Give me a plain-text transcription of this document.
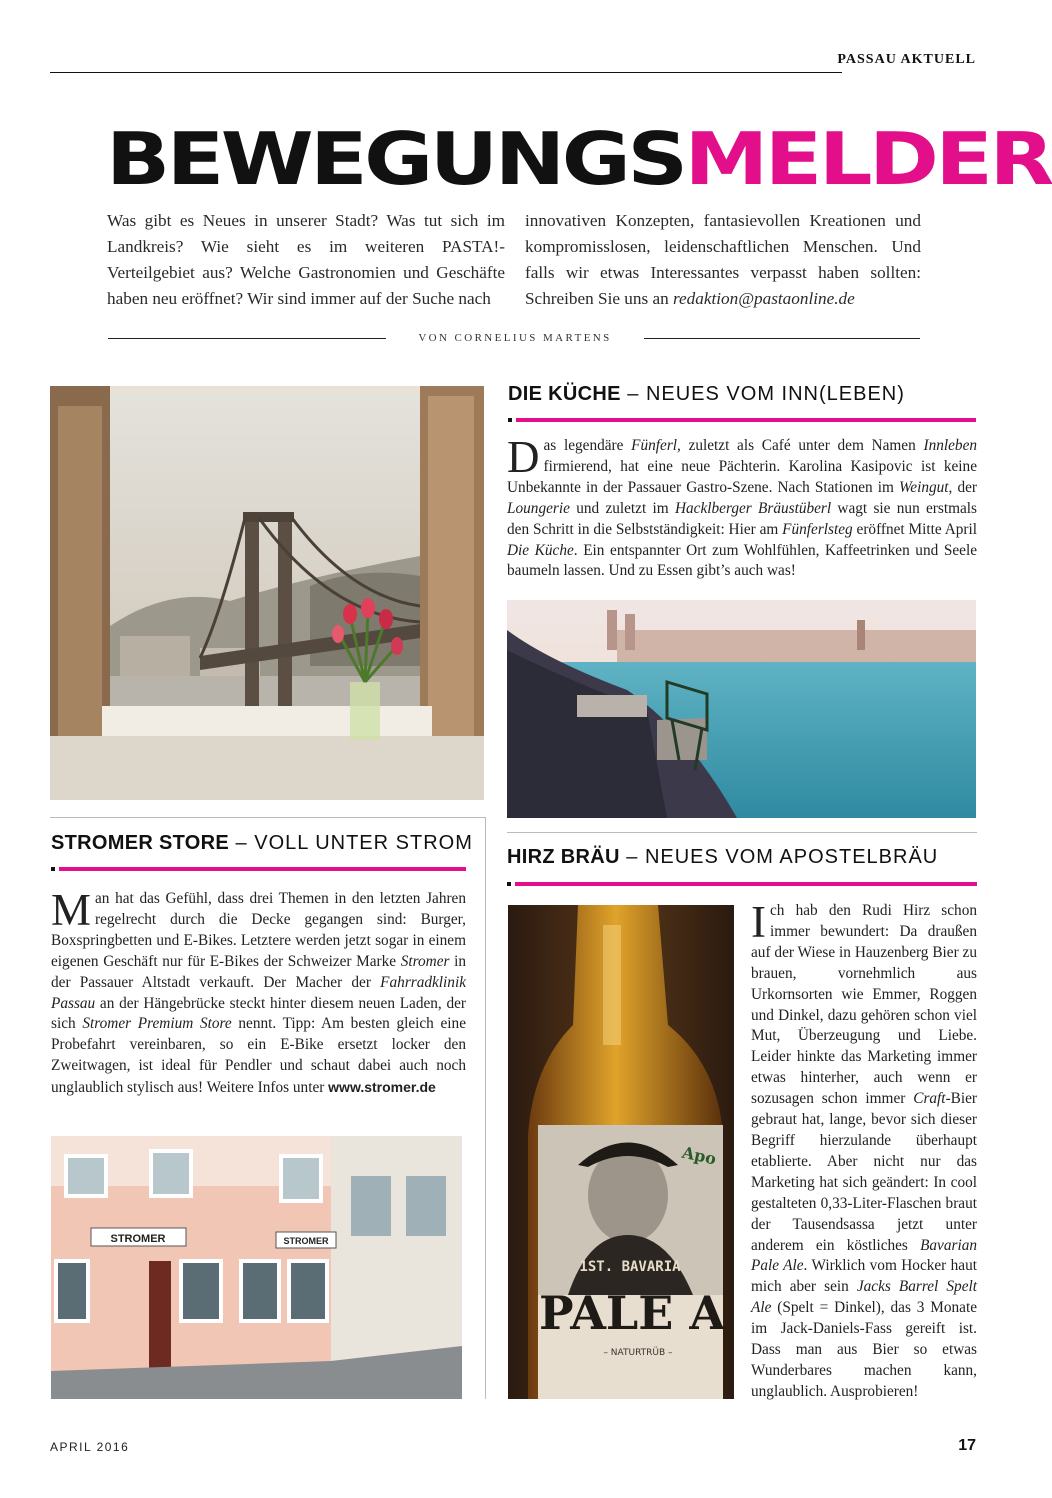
PASSAU AKTUELL
BEWEGUNGSMELDER
Was gibt es Neues in unserer Stadt? Was tut sich im Landkreis? Wie sieht es im weiteren PASTA!-Verteilgebiet aus? Welche Gastronomien und Geschäfte haben neu eröffnet? Wir sind immer auf der Suche nach
innovativen Konzepten, fantasievollen Kreationen und kompromisslosen, leidenschaftlichen Menschen. Und falls wir etwas Interessantes verpasst haben sollten: Schreiben Sie uns an redaktion@pastaonline.de
VON CORNELIUS MARTENS
DIE KÜCHE – NEUES VOM INN(LEBEN)
Das legendäre Fünferl, zuletzt als Café unter dem Namen Innleben firmierend, hat eine neue Pächterin. Karolina Kasipovic ist keine Unbekannte in der Passauer Gastro-Szene. Nach Stationen im Weingut, der Loungerie und zuletzt im Hacklberger Bräustüberl wagt sie nun erstmals den Schritt in die Selbstständigkeit: Hier am Fünferlsteg eröffnet Mitte April Die Küche. Ein entspannter Ort zum Wohlfühlen, Kaffeetrinken und Seele baumeln lassen. Und zu Essen gibt’s auch was!
STROMER STORE – VOLL UNTER STROM
Man hat das Gefühl, dass drei Themen in den letzten Jahren regelrecht durch die Decke gegangen sind: Burger, Boxspringbetten und E-Bikes. Letztere werden jetzt sogar in einem eigenen Geschäft nur für E-Bikes der Schweizer Marke Stromer in der Passauer Altstadt verkauft. Der Macher der Fahrradklinik Passau an der Hängebrücke steckt hinter diesem neuen Laden, der sich Stromer Premium Store nennt. Tipp: Am besten gleich eine Probefahrt vereinbaren, so ein E-Bike ersetzt locker den Zweitwagen, ist ideal für Pendler und schaut dabei auch noch unglaublich stylisch aus! Weitere Infos unter www.stromer.de
STROMER	STROMER
HIRZ BRÄU – NEUES VOM APOSTELBRÄU
1ST. BAVARIA
PALE A
– NATURTRÜB –
Apo
Ich hab den Rudi Hirz schon immer bewundert: Da draußen auf der Wiese in Hauzenberg Bier zu brauen, vornehmlich aus Urkornsorten wie Emmer, Roggen und Dinkel, dazu gehören schon viel Mut, Überzeugung und Liebe. Leider hinkte das Marketing immer etwas hinterher, auch wenn er sozusagen schon immer Craft-Bier gebraut hat, lange, bevor sich dieser Begriff hierzulande überhaupt etablierte. Aber nicht nur das Marketing hat sich geändert: In cool gestalteten 0,33-Liter-Flaschen braut der Tausendsassa jetzt unter anderem ein köstliches Bavarian Pale Ale. Wirklich vom Hocker haut mich aber sein Jacks Barrel Spelt Ale (Spelt = Dinkel), das 3 Monate im Jack-Daniels-Fass gereift ist. Dass man aus Bier so etwas Wunderbares machen kann, unglaublich. Ausprobieren!
APRIL 2016	17
